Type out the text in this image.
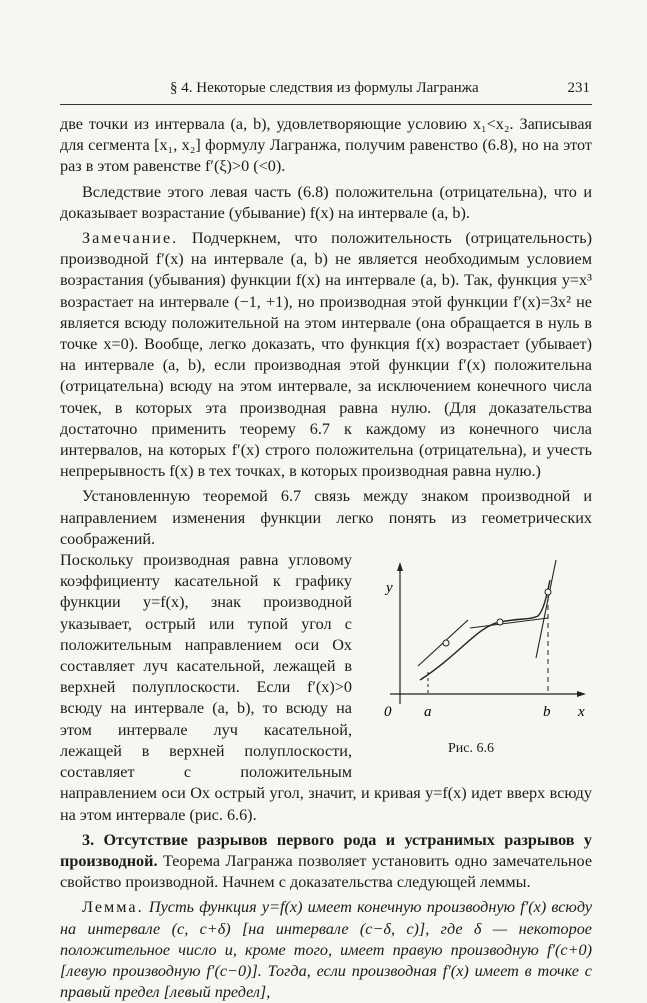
§ 4. Некоторые следствия из формулы Лагранжа	231

две точки из интервала (a, b), удовлетворяющие условию x₁<x₂. Записывая для сегмента [x₁, x₂] формулу Лагранжа, получим равенство (6.8), но на этот раз в этом равенстве f′(ξ)>0 (<0).

Вследствие этого левая часть (6.8) положительна (отрицательна), что и доказывает возрастание (убывание) f(x) на интервале (a, b).

Замечание. Подчеркнем, что положительность (отрицательность) производной f′(x) на интервале (a, b) не является необходимым условием возрастания (убывания) функции f(x) на интервале (a, b). Так, функция y=x³ возрастает на интервале (−1, +1), но производная этой функции f′(x)=3x² не является всюду положительной на этом интервале (она обращается в нуль в точке x=0). Вообще, легко доказать, что функция f(x) возрастает (убывает) на интервале (a, b), если производная этой функции f′(x) положительна (отрицательна) всюду на этом интервале, за исключением конечного числа точек, в которых эта производная равна нулю. (Для доказательства достаточно применить теорему 6.7 к каждому из конечного числа интервалов, на которых f′(x) строго положительна (отрицательна), и учесть непрерывность f(x) в тех точках, в которых производная равна нулю.)

Установленную теоремой 6.7 связь между знаком производной и направлением изменения функции легко понять из геометрических соображений.

y
x
0 a	b
Рис. 6.6

Поскольку производная равна угловому коэффициенту касательной к графику функции y=f(x), знак производной указывает, острый или тупой угол с положительным направлением оси Ox составляет луч касательной, лежащей в верхней полуплоскости. Если f′(x)>0 всюду на интервале (a, b), то всюду на этом интервале луч касательной, лежащей в верхней полуплоскости, составляет с положительным направлением оси Ox острый угол, значит, и кривая y=f(x) идет вверх всюду на этом интервале (рис. 6.6).

3. Отсутствие разрывов первого рода и устранимых разрывов у производной. Теорема Лагранжа позволяет установить одно замечательное свойство производной. Начнем с доказательства следующей леммы.

Лемма. Пусть функция y=f(x) имеет конечную производную f′(x) всюду на интервале (c, c+δ) [на интервале (c−δ, c)], где δ — некоторое положительное число и, кроме того, имеет правую производную f′(c+0) [левую производную f′(c−0)]. Тогда, если производная f′(x) имеет в точке c правый предел [левый предел],
